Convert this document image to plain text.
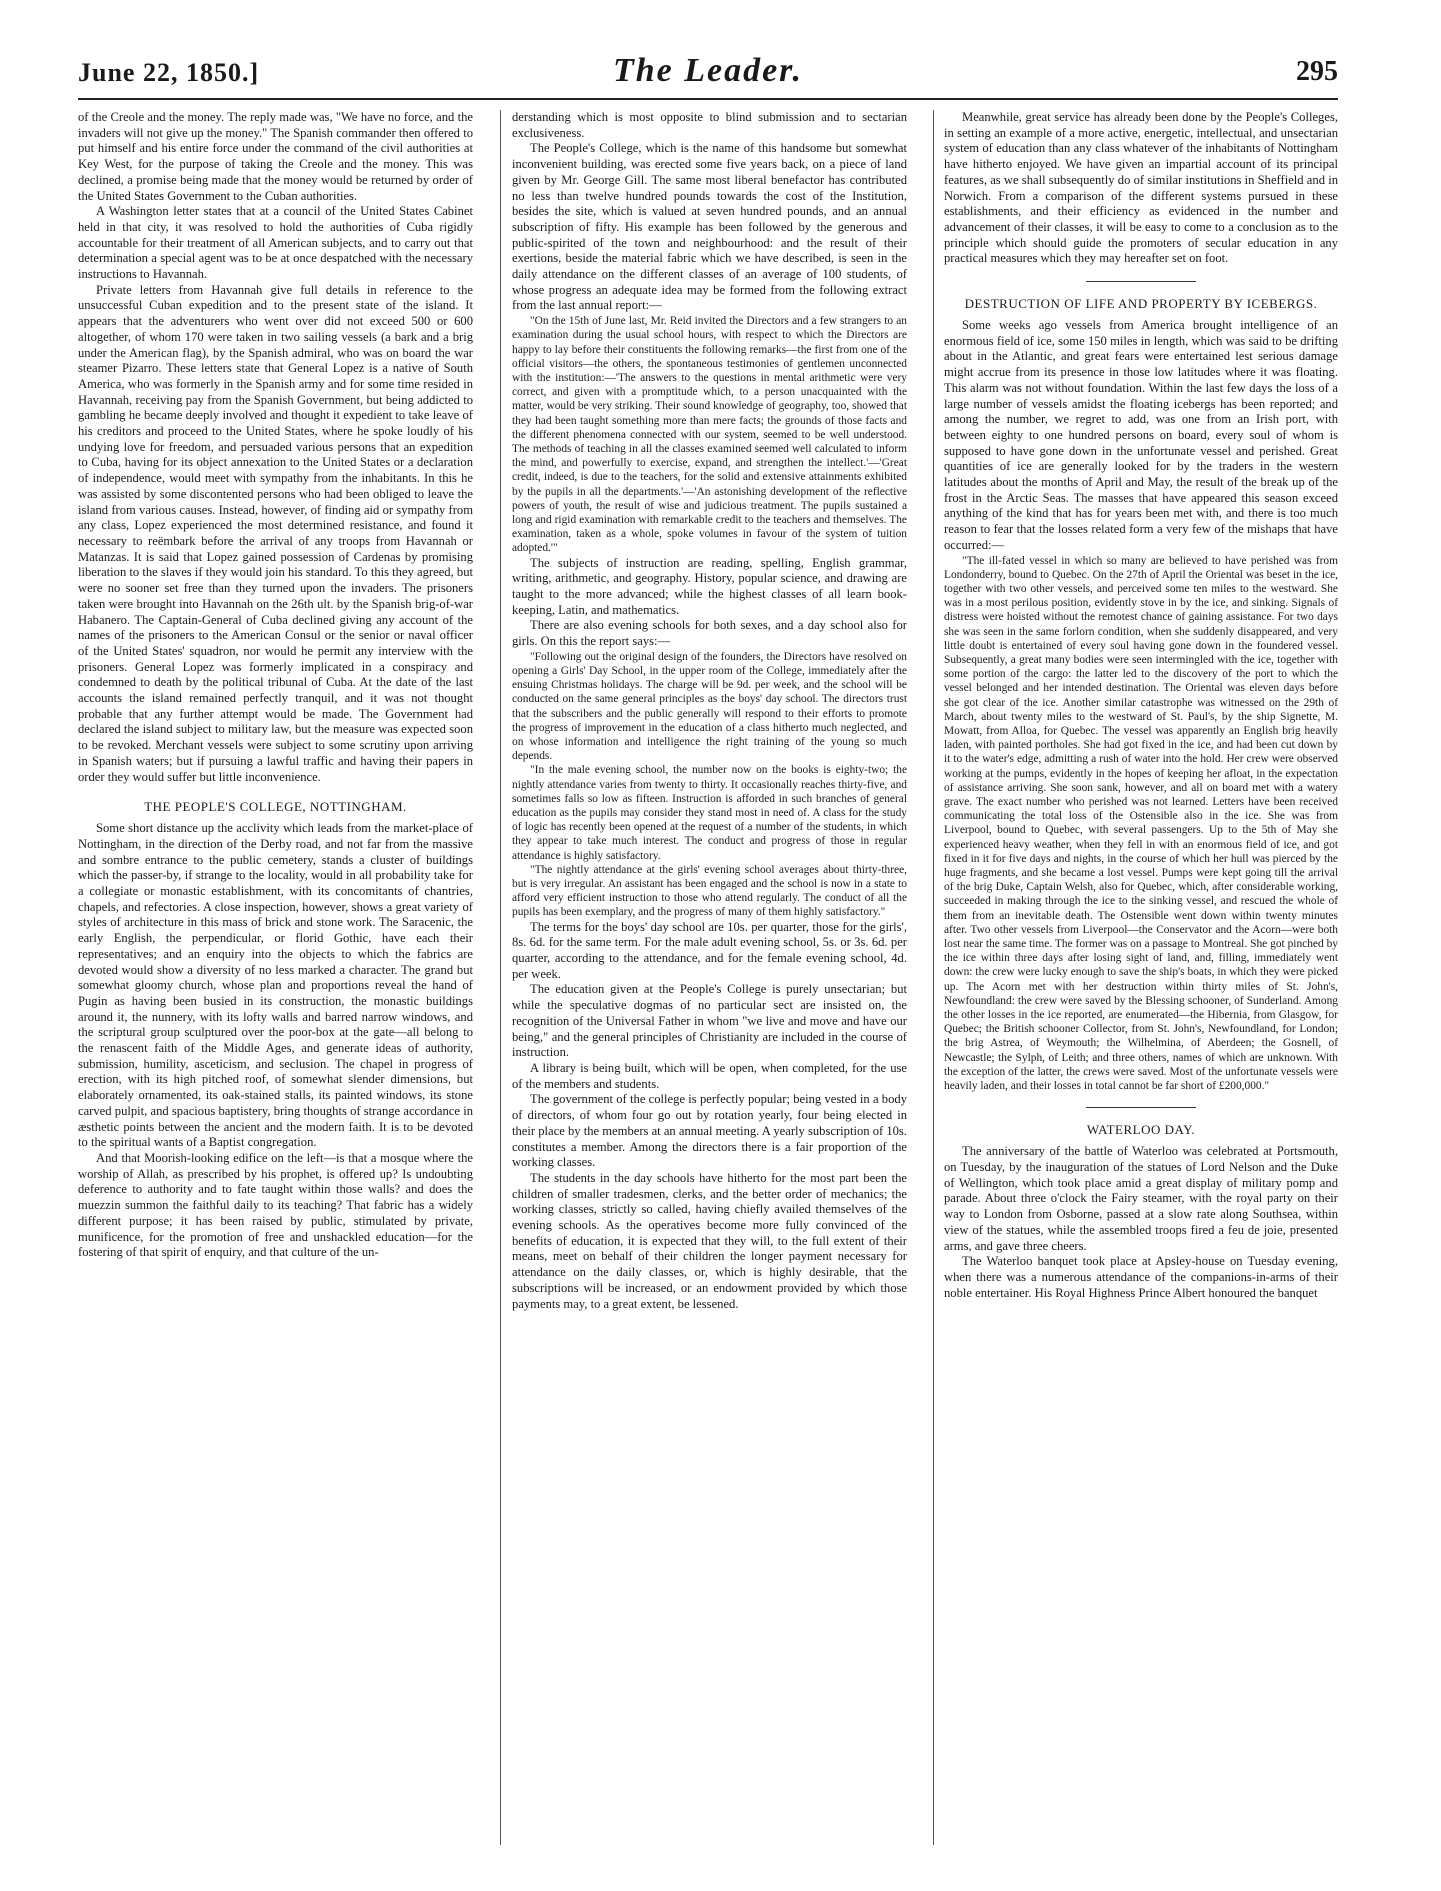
June 22, 1850.]	The Leader.	295

of the Creole and the money. The reply made was, "We have no force, and the invaders will not give up the money." The Spanish commander then offered to put himself and his entire force under the command of the civil authorities at Key West, for the purpose of taking the Creole and the money. This was declined, a promise being made that the money would be returned by order of the United States Government to the Cuban authorities.

A Washington letter states that at a council of the United States Cabinet held in that city, it was resolved to hold the authorities of Cuba rigidly accountable for their treatment of all American subjects, and to carry out that determination a special agent was to be at once despatched with the necessary instructions to Havannah.

Private letters from Havannah give full details in reference to the unsuccessful Cuban expedition and to the present state of the island. It appears that the adventurers who went over did not exceed 500 or 600 altogether, of whom 170 were taken in two sailing vessels (a bark and a brig under the American flag), by the Spanish admiral, who was on board the war steamer Pizarro. These letters state that General Lopez is a native of South America, who was formerly in the Spanish army and for some time resided in Havannah, receiving pay from the Spanish Government, but being addicted to gambling he became deeply involved and thought it expedient to take leave of his creditors and proceed to the United States, where he spoke loudly of his undying love for freedom, and persuaded various persons that an expedition to Cuba, having for its object annexation to the United States or a declaration of independence, would meet with sympathy from the inhabitants. In this he was assisted by some discontented persons who had been obliged to leave the island from various causes. Instead, however, of finding aid or sympathy from any class, Lopez experienced the most determined resistance, and found it necessary to reëmbark before the arrival of any troops from Havannah or Matanzas. It is said that Lopez gained possession of Cardenas by promising liberation to the slaves if they would join his standard. To this they agreed, but were no sooner set free than they turned upon the invaders. The prisoners taken were brought into Havannah on the 26th ult. by the Spanish brig-of-war Habanero. The Captain-General of Cuba declined giving any account of the names of the prisoners to the American Consul or the senior or naval officer of the United States' squadron, nor would he permit any interview with the prisoners. General Lopez was formerly implicated in a conspiracy and condemned to death by the political tribunal of Cuba. At the date of the last accounts the island remained perfectly tranquil, and it was not thought probable that any further attempt would be made. The Government had declared the island subject to military law, but the measure was expected soon to be revoked. Merchant vessels were subject to some scrutiny upon arriving in Spanish waters; but if pursuing a lawful traffic and having their papers in order they would suffer but little inconvenience.

THE PEOPLE'S COLLEGE, NOTTINGHAM.

Some short distance up the acclivity which leads from the market-place of Nottingham, in the direction of the Derby road, and not far from the massive and sombre entrance to the public cemetery, stands a cluster of buildings which the passer-by, if strange to the locality, would in all probability take for a collegiate or monastic establishment, with its concomitants of chantries, chapels, and refectories. A close inspection, however, shows a great variety of styles of architecture in this mass of brick and stone work. The Saracenic, the early English, the perpendicular, or florid Gothic, have each their representatives; and an enquiry into the objects to which the fabrics are devoted would show a diversity of no less marked a character. The grand but somewhat gloomy church, whose plan and proportions reveal the hand of Pugin as having been busied in its construction, the monastic buildings around it, the nunnery, with its lofty walls and barred narrow windows, and the scriptural group sculptured over the poor-box at the gate—all belong to the renascent faith of the Middle Ages, and generate ideas of authority, submission, humility, asceticism, and seclusion. The chapel in progress of erection, with its high pitched roof, of somewhat slender dimensions, but elaborately ornamented, its oak-stained stalls, its painted windows, its stone carved pulpit, and spacious baptistery, bring thoughts of strange accordance in æsthetic points between the ancient and the modern faith. It is to be devoted to the spiritual wants of a Baptist congregation.

And that Moorish-looking edifice on the left—is that a mosque where the worship of Allah, as prescribed by his prophet, is offered up? Is undoubting deference to authority and to fate taught within those walls? and does the muezzin summon the faithful daily to its teaching? That fabric has a widely different purpose; it has been raised by public, stimulated by private, munificence, for the promotion of free and unshackled education—for the fostering of that spirit of enquiry, and that culture of the un-

derstanding which is most opposite to blind submission and to sectarian exclusiveness.

The People's College, which is the name of this handsome but somewhat inconvenient building, was erected some five years back, on a piece of land given by Mr. George Gill. The same most liberal benefactor has contributed no less than twelve hundred pounds towards the cost of the Institution, besides the site, which is valued at seven hundred pounds, and an annual subscription of fifty. His example has been followed by the generous and public-spirited of the town and neighbourhood: and the result of their exertions, beside the material fabric which we have described, is seen in the daily attendance on the different classes of an average of 100 students, of whose progress an adequate idea may be formed from the following extract from the last annual report:—

"On the 15th of June last, Mr. Reid invited the Directors and a few strangers to an examination during the usual school hours, with respect to which the Directors are happy to lay before their constituents the following remarks—the first from one of the official visitors—the others, the spontaneous testimonies of gentlemen unconnected with the institution:—'The answers to the questions in mental arithmetic were very correct, and given with a promptitude which, to a person unacquainted with the matter, would be very striking. Their sound knowledge of geography, too, showed that they had been taught something more than mere facts; the grounds of those facts and the different phenomena connected with our system, seemed to be well understood. The methods of teaching in all the classes examined seemed well calculated to inform the mind, and powerfully to exercise, expand, and strengthen the intellect.'—'Great credit, indeed, is due to the teachers, for the solid and extensive attainments exhibited by the pupils in all the departments.'—'An astonishing development of the reflective powers of youth, the result of wise and judicious treatment. The pupils sustained a long and rigid examination with remarkable credit to the teachers and themselves. The examination, taken as a whole, spoke volumes in favour of the system of tuition adopted.'"

The subjects of instruction are reading, spelling, English grammar, writing, arithmetic, and geography. History, popular science, and drawing are taught to the more advanced; while the highest classes of all learn book-keeping, Latin, and mathematics.

There are also evening schools for both sexes, and a day school also for girls. On this the report says:—

"Following out the original design of the founders, the Directors have resolved on opening a Girls' Day School, in the upper room of the College, immediately after the ensuing Christmas holidays. The charge will be 9d. per week, and the school will be conducted on the same general principles as the boys' day school. The directors trust that the subscribers and the public generally will respond to their efforts to promote the progress of improvement in the education of a class hitherto much neglected, and on whose information and intelligence the right training of the young so much depends.

"In the male evening school, the number now on the books is eighty-two; the nightly attendance varies from twenty to thirty. It occasionally reaches thirty-five, and sometimes falls so low as fifteen. Instruction is afforded in such branches of general education as the pupils may consider they stand most in need of. A class for the study of logic has recently been opened at the request of a number of the students, in which they appear to take much interest. The conduct and progress of those in regular attendance is highly satisfactory.

"The nightly attendance at the girls' evening school averages about thirty-three, but is very irregular. An assistant has been engaged and the school is now in a state to afford very efficient instruction to those who attend regularly. The conduct of all the pupils has been exemplary, and the progress of many of them highly satisfactory."

The terms for the boys' day school are 10s. per quarter, those for the girls', 8s. 6d. for the same term. For the male adult evening school, 5s. or 3s. 6d. per quarter, according to the attendance, and for the female evening school, 4d. per week.

The education given at the People's College is purely unsectarian; but while the speculative dogmas of no particular sect are insisted on, the recognition of the Universal Father in whom "we live and move and have our being," and the general principles of Christianity are included in the course of instruction.

A library is being built, which will be open, when completed, for the use of the members and students.

The government of the college is perfectly popular; being vested in a body of directors, of whom four go out by rotation yearly, four being elected in their place by the members at an annual meeting. A yearly subscription of 10s. constitutes a member. Among the directors there is a fair proportion of the working classes.

The students in the day schools have hitherto for the most part been the children of smaller tradesmen, clerks, and the better order of mechanics; the working classes, strictly so called, having chiefly availed themselves of the evening schools. As the operatives become more fully convinced of the benefits of education, it is expected that they will, to the full extent of their means, meet on behalf of their children the longer payment necessary for attendance on the daily classes, or, which is highly desirable, that the subscriptions will be increased, or an endowment provided by which those payments may, to a great extent, be lessened.

Meanwhile, great service has already been done by the People's Colleges, in setting an example of a more active, energetic, intellectual, and unsectarian system of education than any class whatever of the inhabitants of Nottingham have hitherto enjoyed. We have given an impartial account of its principal features, as we shall subsequently do of similar institutions in Sheffield and in Norwich. From a comparison of the different systems pursued in these establishments, and their efficiency as evidenced in the number and advancement of their classes, it will be easy to come to a conclusion as to the principle which should guide the promoters of secular education in any practical measures which they may hereafter set on foot.

DESTRUCTION OF LIFE AND PROPERTY BY ICEBERGS.

Some weeks ago vessels from America brought intelligence of an enormous field of ice, some 150 miles in length, which was said to be drifting about in the Atlantic, and great fears were entertained lest serious damage might accrue from its presence in those low latitudes where it was floating. This alarm was not without foundation. Within the last few days the loss of a large number of vessels amidst the floating icebergs has been reported; and among the number, we regret to add, was one from an Irish port, with between eighty to one hundred persons on board, every soul of whom is supposed to have gone down in the unfortunate vessel and perished. Great quantities of ice are generally looked for by the traders in the western latitudes about the months of April and May, the result of the break up of the frost in the Arctic Seas. The masses that have appeared this season exceed anything of the kind that has for years been met with, and there is too much reason to fear that the losses related form a very few of the mishaps that have occurred:—

"The ill-fated vessel in which so many are believed to have perished was from Londonderry, bound to Quebec. On the 27th of April the Oriental was beset in the ice, together with two other vessels, and perceived some ten miles to the westward. She was in a most perilous position, evidently stove in by the ice, and sinking. Signals of distress were hoisted without the remotest chance of gaining assistance. For two days she was seen in the same forlorn condition, when she suddenly disappeared, and very little doubt is entertained of every soul having gone down in the foundered vessel. Subsequently, a great many bodies were seen intermingled with the ice, together with some portion of the cargo: the latter led to the discovery of the port to which the vessel belonged and her intended destination. The Oriental was eleven days before she got clear of the ice. Another similar catastrophe was witnessed on the 29th of March, about twenty miles to the westward of St. Paul's, by the ship Signette, M. Mowatt, from Alloa, for Quebec. The vessel was apparently an English brig heavily laden, with painted portholes. She had got fixed in the ice, and had been cut down by it to the water's edge, admitting a rush of water into the hold. Her crew were observed working at the pumps, evidently in the hopes of keeping her afloat, in the expectation of assistance arriving. She soon sank, however, and all on board met with a watery grave. The exact number who perished was not learned. Letters have been received communicating the total loss of the Ostensible also in the ice. She was from Liverpool, bound to Quebec, with several passengers. Up to the 5th of May she experienced heavy weather, when they fell in with an enormous field of ice, and got fixed in it for five days and nights, in the course of which her hull was pierced by the huge fragments, and she became a lost vessel. Pumps were kept going till the arrival of the brig Duke, Captain Welsh, also for Quebec, which, after considerable working, succeeded in making through the ice to the sinking vessel, and rescued the whole of them from an inevitable death. The Ostensible went down within twenty minutes after. Two other vessels from Liverpool—the Conservator and the Acorn—were both lost near the same time. The former was on a passage to Montreal. She got pinched by the ice within three days after losing sight of land, and, filling, immediately went down: the crew were lucky enough to save the ship's boats, in which they were picked up. The Acorn met with her destruction within thirty miles of St. John's, Newfoundland: the crew were saved by the Blessing schooner, of Sunderland. Among the other losses in the ice reported, are enumerated—the Hibernia, from Glasgow, for Quebec; the British schooner Collector, from St. John's, Newfoundland, for London; the brig Astrea, of Weymouth; the Wilhelmina, of Aberdeen; the Gosnell, of Newcastle; the Sylph, of Leith; and three others, names of which are unknown. With the exception of the latter, the crews were saved. Most of the unfortunate vessels were heavily laden, and their losses in total cannot be far short of £200,000."

WATERLOO DAY.

The anniversary of the battle of Waterloo was celebrated at Portsmouth, on Tuesday, by the inauguration of the statues of Lord Nelson and the Duke of Wellington, which took place amid a great display of military pomp and parade. About three o'clock the Fairy steamer, with the royal party on their way to London from Osborne, passed at a slow rate along Southsea, within view of the statues, while the assembled troops fired a feu de joie, presented arms, and gave three cheers.

The Waterloo banquet took place at Apsley-house on Tuesday evening, when there was a numerous attendance of the companions-in-arms of their noble entertainer. His Royal Highness Prince Albert honoured the banquet
